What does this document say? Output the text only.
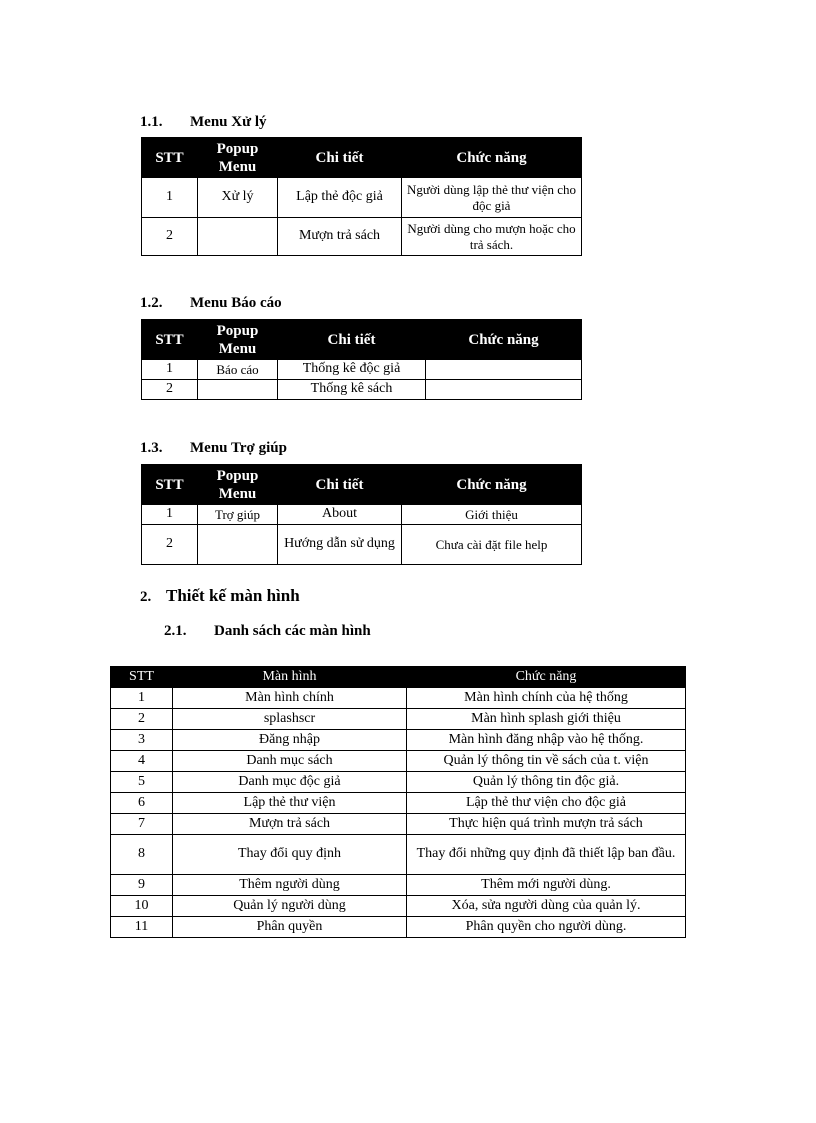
1.1. Menu Xử lý
STT	Popup Menu	Chi tiết	Chức năng
1	Xử lý	Lập thẻ độc giả	Người dùng lập thẻ thư viện cho độc giả
2		Mượn trả sách	Người dùng cho mượn hoặc cho trả sách.
1.2. Menu Báo cáo
STT	Popup Menu	Chi tiết	Chức năng
1	Báo cáo	Thống kê độc giả	
2		Thống kê sách	
1.3. Menu Trợ giúp
STT	Popup Menu	Chi tiết	Chức năng
1	Trợ giúp	About	Giới thiệu
2		Hướng dẫn sử dụng	Chưa cài đặt file help
2. Thiết kế màn hình
2.1. Danh sách các màn hình
STT	Màn hình	Chức năng
1	Màn hình chính	Màn hình chính của hệ thống
2	splashscr	Màn hình splash giới thiệu
3	Đăng nhập	Màn hình đăng nhập vào hệ thống.
4	Danh mục sách	Quản lý thông tin về sách của t. viện
5	Danh mục độc giả	Quản lý thông tin độc giả.
6	Lập thẻ thư viện	Lập thẻ thư viện cho độc giả
7	Mượn trả sách	Thực hiện quá trình mượn trả sách
8	Thay đổi quy định	Thay đổi những quy định đã thiết lập ban đầu.
9	Thêm người dùng	Thêm mới người dùng.
10	Quản lý người dùng	Xóa, sửa người dùng của quản lý.
11	Phân quyền	Phân quyền cho người dùng.
